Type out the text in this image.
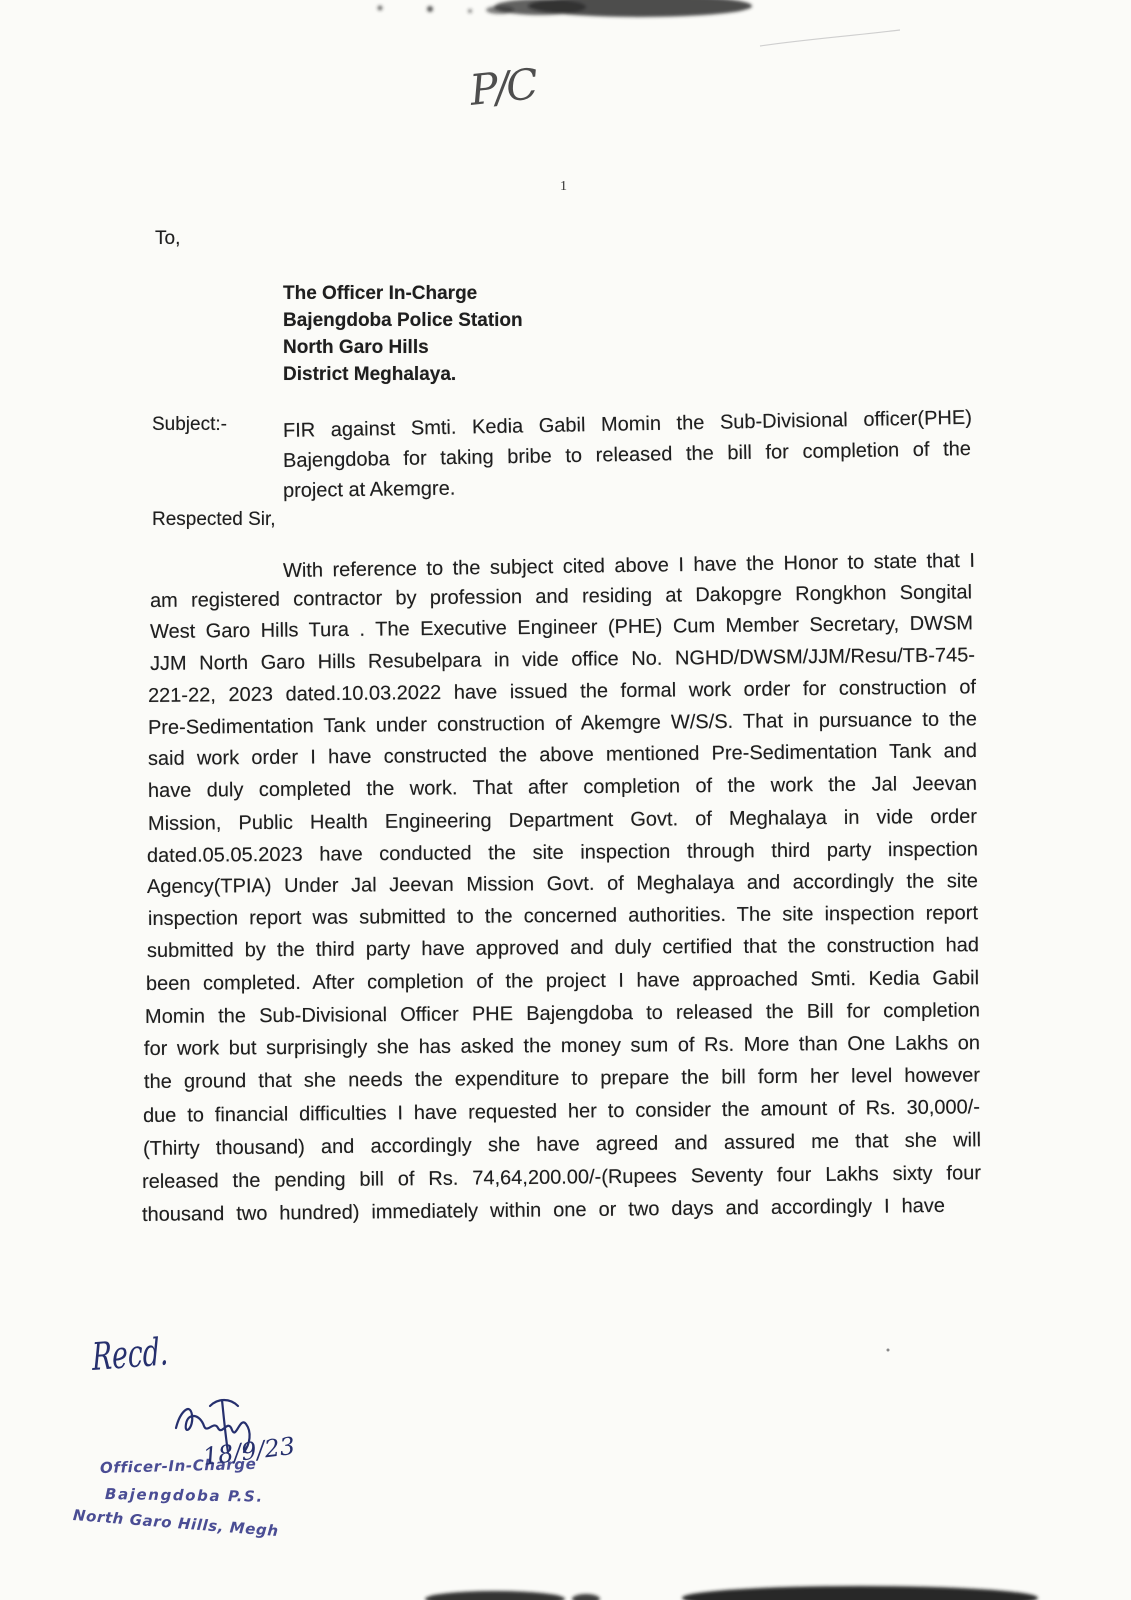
P/C
1
To,
The Officer In-Charge
Bajengdoba Police Station
North Garo Hills
District Meghalaya.
Subject:-	FIR against Smti. Kedia Gabil Momin the Sub-Divisional officer(PHE)
Bajengdoba for taking bribe to released the bill for completion of the
project at Akemgre.
Respected Sir,
With reference to the subject cited above I have the Honor to state that I
am registered contractor by profession and residing at Dakopgre Rongkhon Songital
West Garo Hills Tura . The Executive Engineer (PHE) Cum Member Secretary, DWSM
JJM North Garo Hills Resubelpara in vide office No. NGHD/DWSM/JJM/Resu/TB-745-
221-22, 2023 dated.10.03.2022 have issued the formal work order for construction of
Pre-Sedimentation Tank under construction of Akemgre W/S/S. That in pursuance to the
said work order I have constructed the above mentioned Pre-Sedimentation Tank and
have duly completed the work. That after completion of the work the Jal Jeevan
Mission, Public Health Engineering Department Govt. of Meghalaya in vide order
dated.05.05.2023 have conducted the site inspection through third party inspection
Agency(TPIA) Under Jal Jeevan Mission Govt. of Meghalaya and accordingly the site
inspection report was submitted to the concerned authorities. The site inspection report
submitted by the third party have approved and duly certified that the construction had
been completed. After completion of the project I have approached Smti. Kedia Gabil
Momin the Sub-Divisional Officer PHE Bajengdoba to released the Bill for completion
for work but surprisingly she has asked the money sum of Rs. More than One Lakhs on
the ground that she needs the expenditure to prepare the bill form her level however
due to financial difficulties I have requested her to consider the amount of Rs. 30,000/-
(Thirty thousand) and accordingly she have agreed and assured me that she will
released the pending bill of Rs. 74,64,200.00/-(Rupees Seventy four Lakhs sixty four
thousand two hundred) immediately within one or two days and accordingly I have
Recd.
Officer-In-Charge
Bajengdoba P.S.
North Garo Hills, Megh
18/9/23
